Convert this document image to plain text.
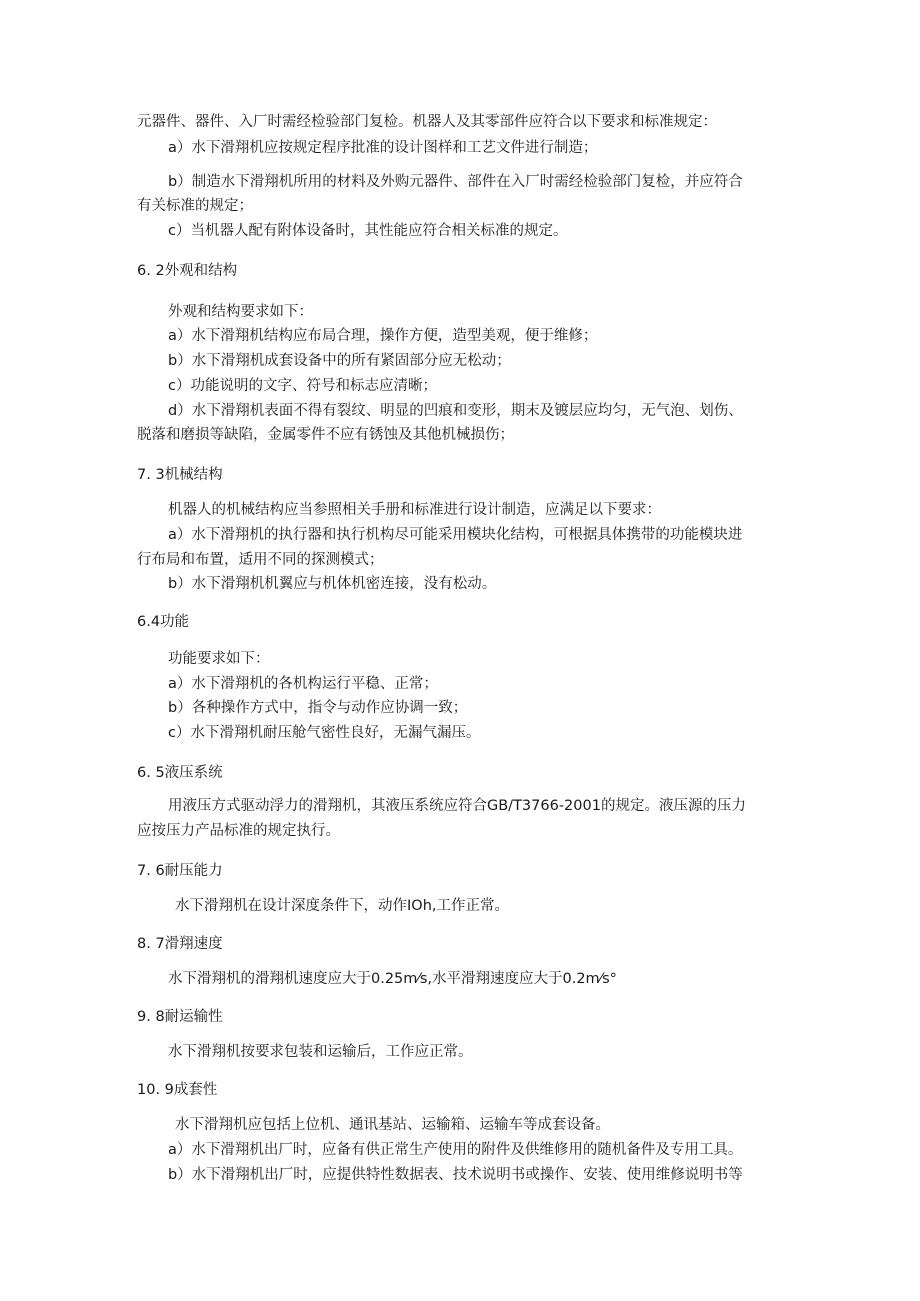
元器件、器件、入厂时需经检验部门复检。机器人及其零部件应符合以下要求和标准规定：
a）水下滑翔机应按规定程序批准的设计图样和工艺文件进行制造；
b）制造水下滑翔机所用的材料及外购元器件、部件在入厂时需经检验部门复检，并应符合
有关标准的规定；
c）当机器人配有附体设备时，其性能应符合相关标准的规定。
6. 2外观和结构
外观和结构要求如下：
a）水下滑翔机结构应布局合理，操作方便，造型美观，便于维修；
b）水下滑翔机成套设备中的所有紧固部分应无松动；
c）功能说明的文字、符号和标志应清晰；
d）水下滑翔机表面不得有裂纹、明显的凹痕和变形，期末及镀层应均匀，无气泡、划伤、
脱落和磨损等缺陷，金属零件不应有锈蚀及其他机械损伤；
7. 3机械结构
机器人的机械结构应当参照相关手册和标准进行设计制造，应满足以下要求：
a）水下滑翔机的执行器和执行机构尽可能采用模块化结构，可根据具体携带的功能模块进
行布局和布置，适用不同的探测模式；
b）水下滑翔机机翼应与机体机密连接，没有松动。
6.4功能
功能要求如下：
a）水下滑翔机的各机构运行平稳、正常；
b）各种操作方式中，指令与动作应协调一致；
c）水下滑翔机耐压舱气密性良好，无漏气漏压。
6. 5液压系统
用液压方式驱动浮力的滑翔机，其液压系统应符合GB/T3766-2001的规定。液压源的压力
应按压力产品标准的规定执行。
7. 6耐压能力
水下滑翔机在设计深度条件下，动作IOh,工作正常。
8. 7滑翔速度
水下滑翔机的滑翔机速度应大于0.25m⁄s,水平滑翔速度应大于0.2m⁄s°
9. 8耐运输性
水下滑翔机按要求包装和运输后，工作应正常。
10. 9成套性
水下滑翔机应包括上位机、通讯基站、运输箱、运输车等成套设备。
a）水下滑翔机出厂时，应备有供正常生产使用的附件及供维修用的随机备件及专用工具。
b）水下滑翔机出厂时，应提供特性数据表、技术说明书或操作、安装、使用维修说明书等
